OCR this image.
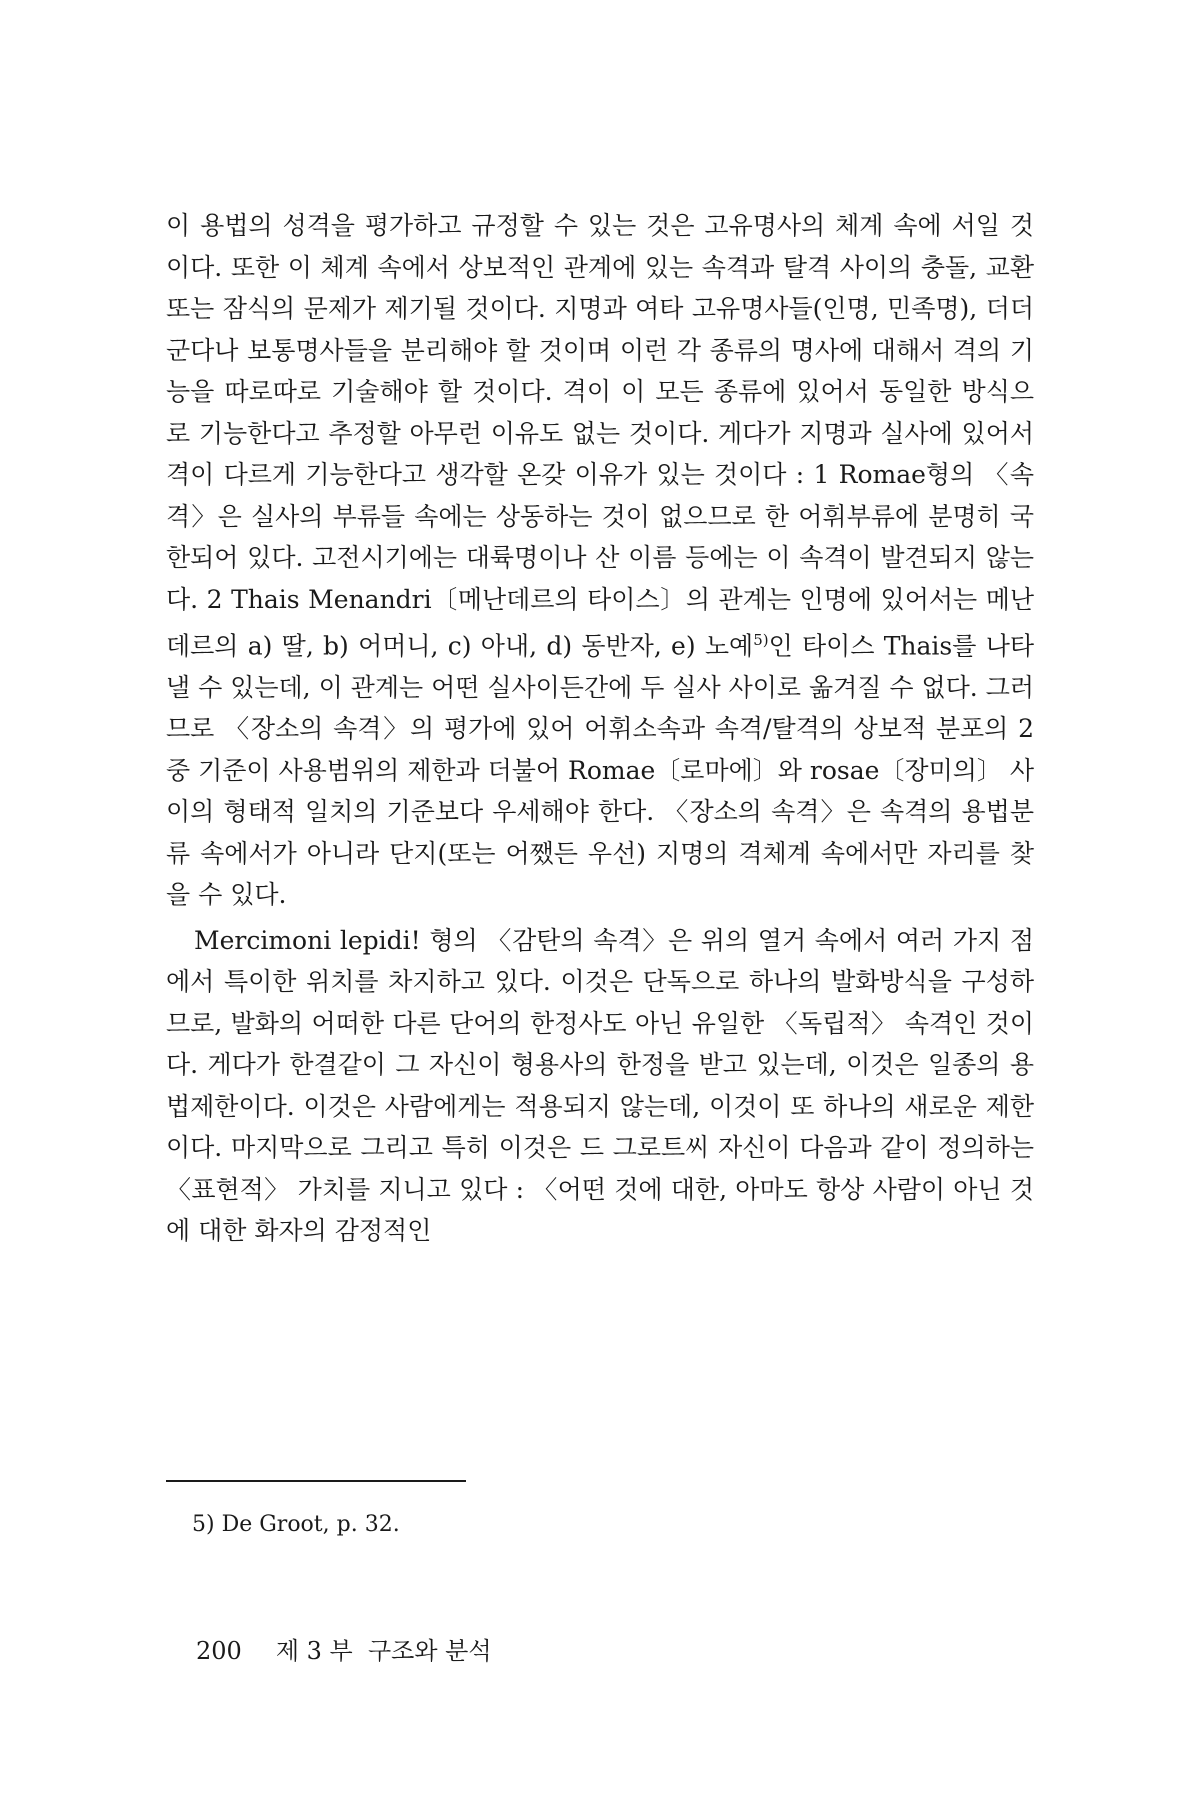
이 용법의 성격을 평가하고 규정할 수 있는 것은 고유명사의 체계 속에 서일 것이다. 또한 이 체계 속에서 상보적인 관계에 있는 속격과 탈격 사이의 충돌, 교환 또는 잠식의 문제가 제기될 것이다. 지명과 여타 고유명사들(인명, 민족명), 더더군다나 보통명사들을 분리해야 할 것이며 이런 각 종류의 명사에 대해서 격의 기능을 따로따로 기술해야 할 것이다. 격이 이 모든 종류에 있어서 동일한 방식으로 기능한다고 추정할 아무런 이유도 없는 것이다. 게다가 지명과 실사에 있어서 격이 다르게 기능한다고 생각할 온갖 이유가 있는 것이다 : 1 Romae형의 〈속격〉은 실사의 부류들 속에는 상동하는 것이 없으므로 한 어휘부류에 분명히 국한되어 있다. 고전시기에는 대륙명이나 산 이름 등에는 이 속격이 발견되지 않는다. 2 Thais Menandri〔메난데르의 타이스〕의 관계는 인명에 있어서는 메난데르의 a) 딸, b) 어머니, c) 아내, d) 동반자, e) 노예$^{5)}$인 타이스 Thais를 나타낼 수 있는데, 이 관계는 어떤 실사이든간에 두 실사 사이로 옮겨질 수 없다. 그러므로 〈장소의 속격〉의 평가에 있어 어휘소속과 속격/탈격의 상보적 분포의 2중 기준이 사용범위의 제한과 더불어 Romae〔로마에〕와 rosae〔장미의〕 사이의 형태적 일치의 기준보다 우세해야 한다. 〈장소의 속격〉은 속격의 용법분류 속에서가 아니라 단지(또는 어쨌든 우선) 지명의 격체계 속에서만 자리를 찾을 수 있다.

Mercimoni lepidi! 형의 〈감탄의 속격〉은 위의 열거 속에서 여러 가지 점에서 특이한 위치를 차지하고 있다. 이것은 단독으로 하나의 발화방식을 구성하므로, 발화의 어떠한 다른 단어의 한정사도 아닌 유일한 〈독립적〉 속격인 것이다. 게다가 한결같이 그 자신이 형용사의 한정을 받고 있는데, 이것은 일종의 용법제한이다. 이것은 사람에게는 적용되지 않는데, 이것이 또 하나의 새로운 제한이다. 마지막으로 그리고 특히 이것은 드 그로트씨 자신이 다음과 같이 정의하는 〈표현적〉 가치를 지니고 있다 : 〈어떤 것에 대한, 아마도 항상 사람이 아닌 것에 대한 화자의 감정적인

5) De Groot, p. 32.
200 제 3 부  구조와 분석
